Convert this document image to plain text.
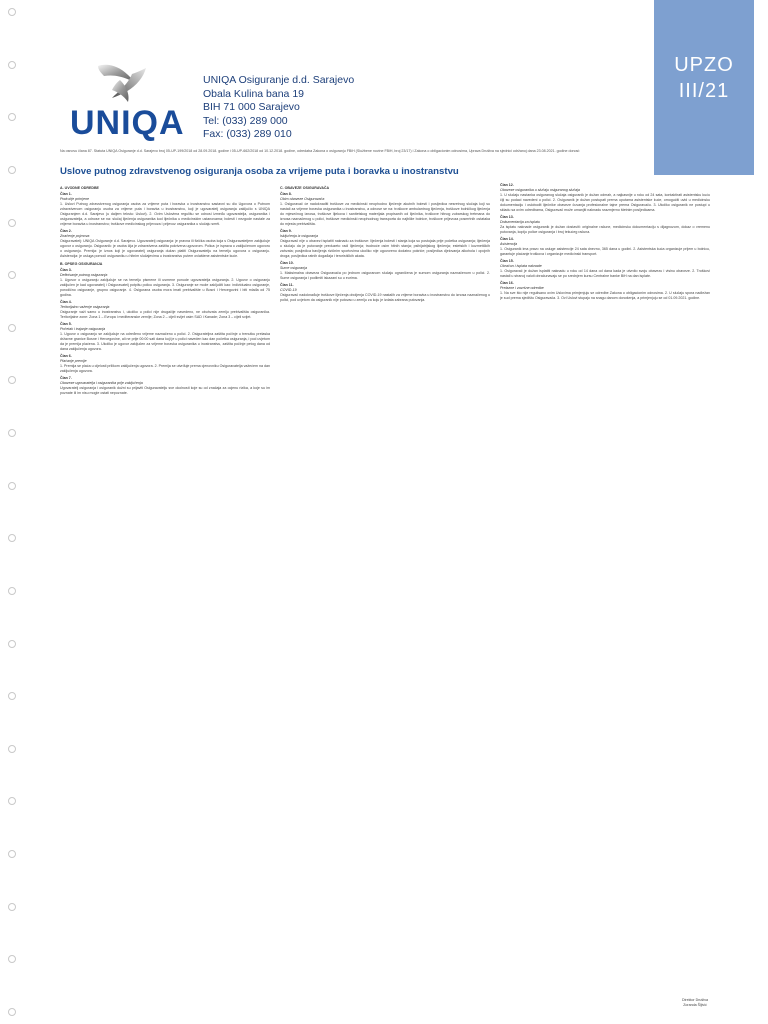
UNIQA
UNIQA Osiguranje d.d. Sarajevo
Obala Kulina bana 19
BIH 71 000 Sarajevo
Tel: (033) 289 000
Fax: (033) 289 010
UPZO
III/21
Na osnovu člana 87. Statuta UNIQA Osiguranje d.d. Sarajevo broj 05-UP-199/2018 od 28.09.2018. godine i 05-UP-662/2018 od 10.12.2018. godine, odredaba Zakona o osiguranju FBiH (Službene novine FBiH, broj 23/17) i Zakona o obligacionim odnosima, Uprava Društva na sjednici održanoj dana 23.08.2021. godine donosi:
Uslove putnog zdravstvenog osiguranja osoba za vrijeme puta i boravka u inostranstvu
A. UVODNE ODREDBE
Član 1.
Područje primjene
1. Uslovi Putnog zdravstvenog osiguranja osoba za vrijeme puta i boravka u inostranstvu sastavni su dio Ugovora o Putnom zdravstvenom osiguranju osoba za vrijeme puta i boravka u inostranstvu, koji je ugovaratelj osiguranja zaključio s UNIQA Osiguranjem d.d. Sarajevo (u daljem tekstu: Uslovi). 2. Ovim Uslovima regulišu se odnosi između ugovaratelja, osiguranika i osiguravatelja, a odnose se na: slučaj liječenja osiguranika kod liječnika u medicinskim ustanovama; bolesti i nezgode nastale za vrijeme boravka u inostranstvu; troškove medicinskog prijevoza i prijevoz osiguranika u slučaju smrti.
Član 2.
Značenje pojmova
Osiguravatelj: UNIQA Osiguranje d.d. Sarajevo. Ugovaratelj osiguranja: je pravna ili fizička osoba koja s Osiguravateljem zaključuje ugovor o osiguranju. Osiguranik: je osoba čija je zdravstvena zaštita pokrivena ugovorom. Polica: je isprava o zaključenom ugovoru o osiguranju. Premija: je iznos koji je ugovaratelj osiguranja dužan platiti Osiguravatelju na temelju ugovora o osiguranju. Asistencija: je usluga pomoći osiguraniku u hitnim slučajevima u inostranstvu putem ovlaštene asistentske kuće.
B. OPSEG OSIGURANJA
Član 3.
Definisanje putnog osiguranja
1. Ugovor o osiguranju zaključuje se na temelju pismene ili usmene ponude ugovaratelja osiguranja. 2. Ugovor o osiguranju zaključen je kad ugovaratelj i Osiguravatelj potpišu policu osiguranja. 3. Osiguranje se može zaključiti kao: individualno osiguranje, porodično osiguranje, grupno osiguranje. 4. Osigurana osoba mora imati prebivalište u Bosni i Hercegovini i biti mlađa od 75 godina.
Član 4.
Teritorijalno važenje osiguranja
Osiguranje važi samo u inostranstvu i, ukoliko u polici nije drugačije navedeno, ne obuhvata zemlju prebivališta osiguranika. Teritorijalne zone: Zona 1 – Evropa i mediteranske zemlje; Zona 2 – cijeli svijet osim SAD i Kanade; Zona 3 – cijeli svijet.
Član 5.
Početak i trajanje osiguranja
1. Ugovor o osiguranju se zaključuje na određeno vrijeme naznačeno u polici. 2. Osigurateljna zaštita počinje u trenutku prelaska državne granice Bosne i Hercegovine, ali ne prije 00:00 sati dana koji je u polici naveden kao dan početka osiguranja, i pod uvjetom da je premija plaćena. 3. Ukoliko je ugovor zaključen za vrijeme boravka osiguranika u inostranstvu, zaštita počinje petog dana od dana zaključenja ugovora.
Član 6.
Plaćanje premije
1. Premija se plaća u cijelosti prilikom zaključenja ugovora. 2. Premija se utvrđuje prema cjenovniku Osiguravatelja važećem na dan zaključenja ugovora.
Član 7.
Obaveze ugovaratelja i osiguranika prije zaključenja
Ugovaratelj osiguranja i osiguranik dužni su prijaviti Osiguravatelju sve okolnosti koje su od značaja za ocjenu rizika, a koje su im poznate ili im nisu mogle ostati nepoznate.
C. OBAVEZE OSIGURAVAČA
Član 8.
Obim obaveze Osiguravača
1. Osiguravač će nadoknaditi troškove za medicinski neophodno liječenje akutnih bolesti i posljedica nesretnog slučaja koji su nastali za vrijeme boravka osiguranika u inostranstvu, a odnose se na: troškove ambulantnog liječenja, troškove bolničkog liječenja do mjesečnog iznosa, troškove lijekova i sanitetskog materijala propisanih od liječnika, troškove hitnog zubarskog tretmana do iznosa naznačenog u polici, troškove medicinski neophodnog transporta do najbliže bolnice, troškove prijevoza posmrtnih ostataka do mjesta prebivališta.
Član 9.
Isključenja iz osiguranja
Osiguravač nije u obavezi isplatiti naknadu za troškove: liječenja bolesti i stanja koja su postojala prije početka osiguranja; liječenja u slučaju da je putovanje preduzeto radi liječenja; trudnoće osim hitnih stanja; psihijatrijskog liječenja; estetskih i kozmetičkih zahvata; posljedica bavljenja rizičnim sportovima ukoliko nije ugovoreno dodatno pokriće; posljedica djelovanja alkohola i opojnih droga; posljedica ratnih događaja i terorističkih akata.
Član 10.
Sume osiguranja
1. Maksimalna obaveza Osiguravača po jednom osiguranom slučaju ograničena je sumom osiguranja naznačenom u polici. 2. Sume osiguranja i podlimiti iskazani su u eurima.
Član 11.
COVID-19
Osiguravač nadoknađuje troškove liječenja oboljenja COVID-19 nastalih za vrijeme boravka u inostranstvu do iznosa naznačenog u polici, pod uvjetom da osiguranik nije putovao u zemlju za koju je izdata zabrana putovanja.
Član 12.
Obaveze osiguranika u slučaju osiguranog slučaja
1. U slučaju nastanka osiguranog slučaja osiguranik je dužan odmah, a najkasnije u roku od 24 sata, kontaktirati asistentsku kuću čiji su podaci navedeni u polici. 2. Osiguranik je dužan postupati prema uputama asistentske kuće, omogućiti uvid u medicinsku dokumentaciju i oslobodit liječnike obaveze čuvanja profesionalne tajne prema Osiguravaču. 3. Ukoliko osiguranik ne postupi u skladu sa ovim odredbama, Osiguravač može umanjiti naknadu srazmjerno štetnim posljedicama.
Član 13.
Dokumentacija za isplatu
Za isplatu naknade osiguranik je dužan dostaviti: originalne račune, medicinsku dokumentaciju s dijagnozom, dokaz o vremenu putovanja, kopiju police osiguranja i broj tekućeg računa.
Član 14.
Asistencija
1. Osiguranik ima pravo na usluge asistencije 24 sata dnevno, 365 dana u godini. 2. Asistentska kuća organizuje prijem u bolnicu, garantuje plaćanje troškova i organizuje medicinski transport.
Član 15.
Obračun i isplata naknade
1. Osiguravač je dužan isplatiti naknadu u roku od 14 dana od dana kada je utvrdio svoju obavezu i visinu obaveze. 2. Troškovi nastali u stranoj valuti obračunavaju se po srednjem kursu Centralne banke BiH na dan isplate.
Član 16.
Prelazne i završne odredbe
1. Na sve što nije regulisano ovim Uslovima primjenjuju se odredbe Zakona o obligacionim odnosima. 2. U slučaju spora nadležan je sud prema sjedištu Osiguravača. 3. Ovi Uslovi stupaju na snagu danom donošenja, a primjenjuju se od 01.09.2021. godine.
Direktor Društva
Zoranda Šljivić
